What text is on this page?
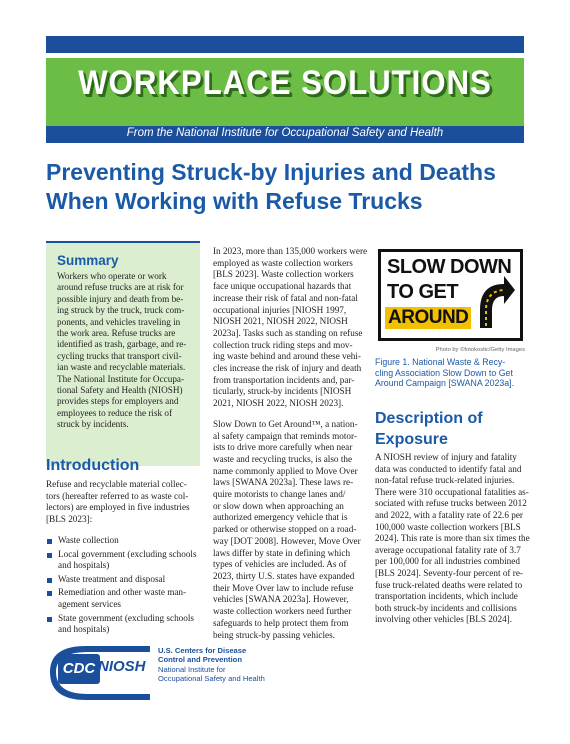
WORKPLACE SOLUTIONS
From the National Institute for Occupational Safety and Health
Preventing Struck-by Injuries and Deaths
When Working with Refuse Trucks
Summary
Workers who operate or work
around refuse trucks are at risk for
possible injury and death from be-
ing struck by the truck, truck com-
ponents, and vehicles traveling in
the work area. Refuse trucks are
identified as trash, garbage, and re-
cycling trucks that transport civil-
ian waste and recyclable materials.
The National Institute for Occupa-
tional Safety and Health (NIOSH)
provides steps for employers and
employees to reduce the risk of
struck by incidents.
Introduction
Refuse and recyclable material collec-
tors (hereafter referred to as waste col-
lectors) are employed in five industries
[BLS 2023]:
Waste collection
Local government (excluding schools
and hospitals)
Waste treatment and disposal
Remediation and other waste man-
agement services
State government (excluding schools
and hospitals)
In 2023, more than 135,000 workers were
employed as waste collection workers
[BLS 2023]. Waste collection workers
face unique occupational hazards that
increase their risk of fatal and non-fatal
occupational injuries [NIOSH 1997,
NIOSH 2021, NIOSH 2022, NIOSH
2023a]. Tasks such as standing on refuse
collection truck riding steps and mov-
ing waste behind and around these vehi-
cles increase the risk of injury and death
from transportation incidents and, par-
ticularly, struck-by incidents [NIOSH
2021, NIOSH 2022, NIOSH 2023].
Slow Down to Get Around™, a nation-
al safety campaign that reminds motor-
ists to drive more carefully when near
waste and recycling trucks, is also the
name commonly applied to Move Over
laws [SWANA 2023a]. These laws re-
quire motorists to change lanes and/
or slow down when approaching an
authorized emergency vehicle that is
parked or otherwise stopped on a road-
way [DOT 2008]. However, Move Over
laws differ by state in defining which
types of vehicles are included. As of
2023, thirty U.S. states have expanded
their Move Over law to include refuse
vehicles [SWANA 2023a]. However,
waste collection workers need further
safeguards to help protect them from
being struck-by passing vehicles.
SLOW DOWN
TO GET
AROUND
Photo by ©fotokostic/Getty Images
Figure 1. National Waste & Recy-
cling Association Slow Down to Get
Around Campaign [SWANA 2023a].
Description of
Exposure
A NIOSH review of injury and fatality
data was conducted to identify fatal and
non-fatal refuse truck-related injuries.
There were 310 occupational fatalities as-
sociated with refuse trucks between 2012
and 2022, with a fatality rate of 22.6 per
100,000 waste collection workers [BLS
2024]. This rate is more than six times the
average occupational fatality rate of 3.7
per 100,000 for all industries combined
[BLS 2024]. Seventy-four percent of re-
fuse truck-related deaths were related to
transportation incidents, which include
both struck-by incidents and collisions
involving other vehicles [BLS 2024].
CDC NIOSH
U.S. Centers for Disease
Control and Prevention
National Institute for
Occupational Safety and Health
